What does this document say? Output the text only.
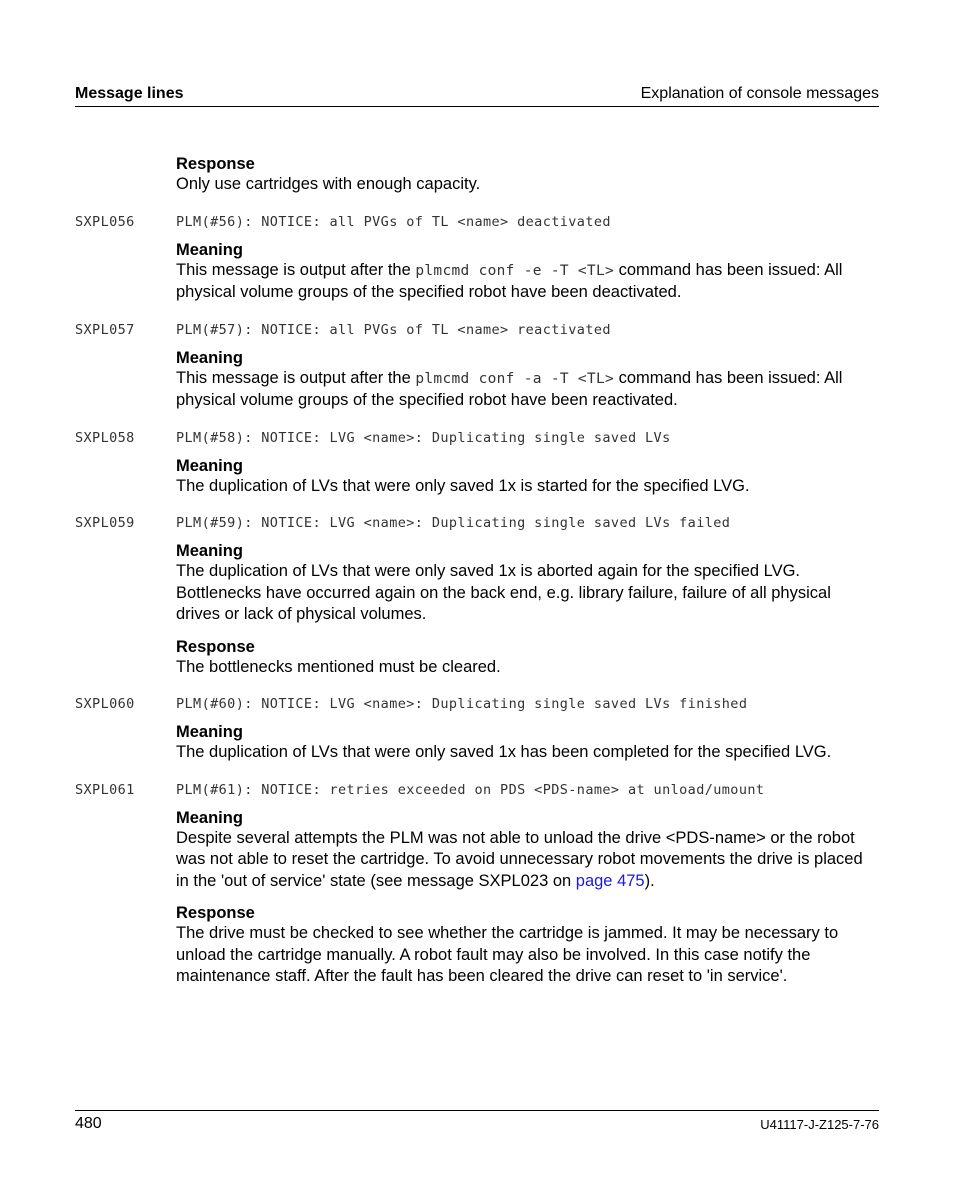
Message lines	Explanation of console messages
Response

Only use cartridges with enough capacity.

SXPL056	PLM(#56): NOTICE: all PVGs of TL <name> deactivated
Meaning

This message is output after the plmcmd conf -e -T <TL> command has been issued: All physical volume groups of the specified robot have been deactivated.

SXPL057	PLM(#57): NOTICE: all PVGs of TL <name> reactivated
Meaning

This message is output after the plmcmd conf -a -T <TL> command has been issued: All physical volume groups of the specified robot have been reactivated.

SXPL058	PLM(#58): NOTICE: LVG <name>: Duplicating single saved LVs
Meaning

The duplication of LVs that were only saved 1x is started for the specified LVG.

SXPL059	PLM(#59): NOTICE: LVG <name>: Duplicating single saved LVs failed
Meaning

The duplication of LVs that were only saved 1x is aborted again for the specified LVG. Bottlenecks have occurred again on the back end, e.g. library failure, failure of all physical drives or lack of physical volumes.

Response

The bottlenecks mentioned must be cleared.

SXPL060	PLM(#60): NOTICE: LVG <name>: Duplicating single saved LVs finished
Meaning

The duplication of LVs that were only saved 1x has been completed for the specified LVG.

SXPL061	PLM(#61): NOTICE: retries exceeded on PDS <PDS-name> at unload/umount
Meaning

Despite several attempts the PLM was not able to unload the drive <PDS-name> or the robot was not able to reset the cartridge. To avoid unnecessary robot movements the drive is placed in the 'out of service' state (see message SXPL023 on page 475).

Response

The drive must be checked to see whether the cartridge is jammed. It may be necessary to unload the cartridge manually. A robot fault may also be involved. In this case notify the maintenance staff. After the fault has been cleared the drive can reset to 'in service'.

480	U41117-J-Z125-7-76
